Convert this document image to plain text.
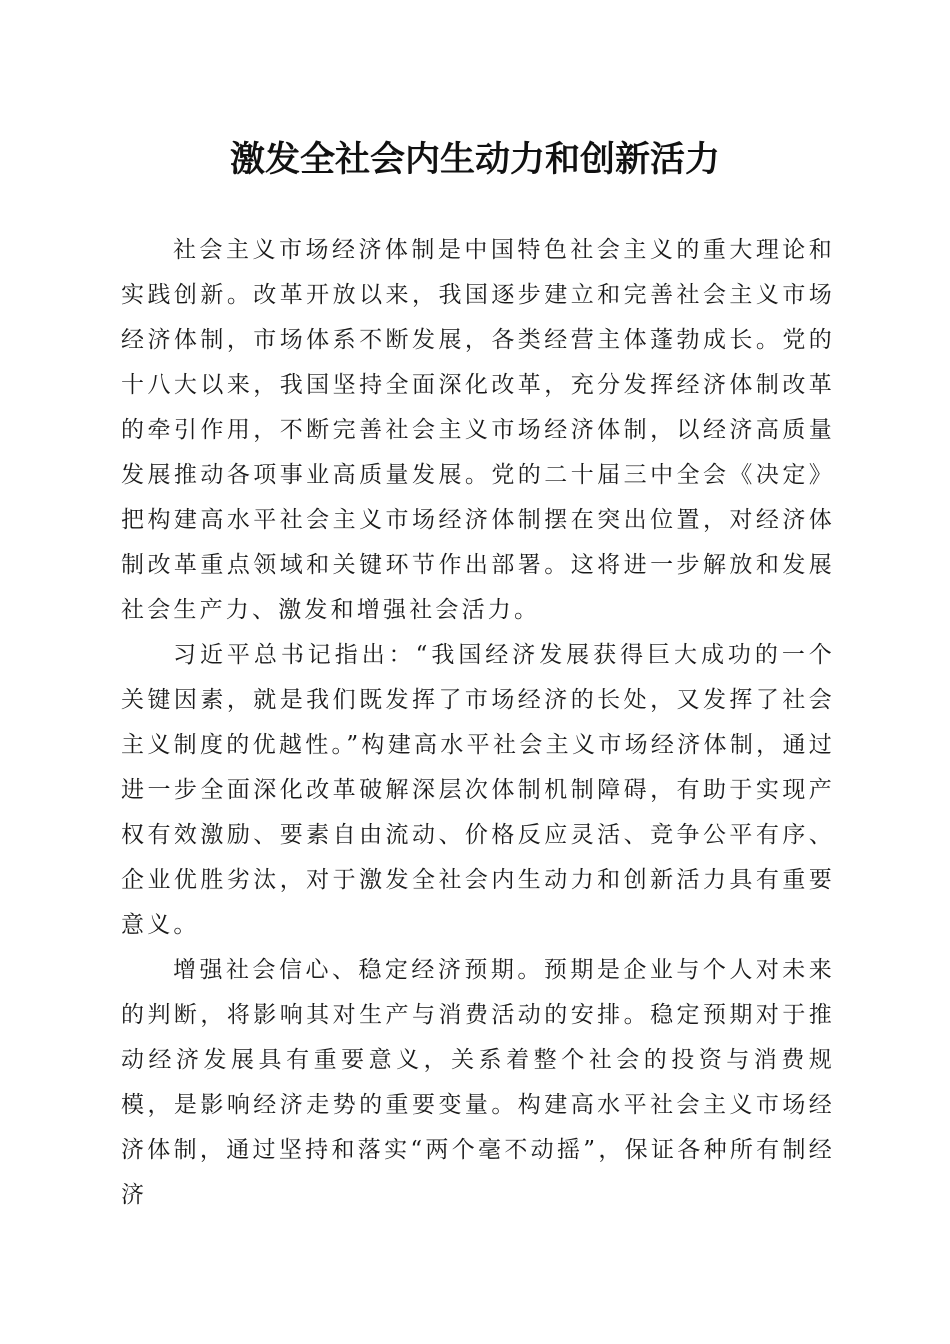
激发全社会内生动力和创新活力

社会主义市场经济体制是中国特色社会主义的重大理论和实践创新。改革开放以来，我国逐步建立和完善社会主义市场经济体制，市场体系不断发展，各类经营主体蓬勃成长。党的十八大以来，我国坚持全面深化改革，充分发挥经济体制改革的牵引作用，不断完善社会主义市场经济体制，以经济高质量发展推动各项事业高质量发展。党的二十届三中全会《决定》把构建高水平社会主义市场经济体制摆在突出位置，对经济体制改革重点领域和关键环节作出部署。这将进一步解放和发展社会生产力、激发和增强社会活力。

习近平总书记指出：“我国经济发展获得巨大成功的一个关键因素，就是我们既发挥了市场经济的长处，又发挥了社会主义制度的优越性。”构建高水平社会主义市场经济体制，通过进一步全面深化改革破解深层次体制机制障碍，有助于实现产权有效激励、要素自由流动、价格反应灵活、竞争公平有序、企业优胜劣汰，对于激发全社会内生动力和创新活力具有重要意义。

增强社会信心、稳定经济预期。预期是企业与个人对未来的判断，将影响其对生产与消费活动的安排。稳定预期对于推动经济发展具有重要意义，关系着整个社会的投资与消费规模，是影响经济走势的重要变量。构建高水平社会主义市场经济体制，通过坚持和落实“两个毫不动摇”，保证各种所有制经济
